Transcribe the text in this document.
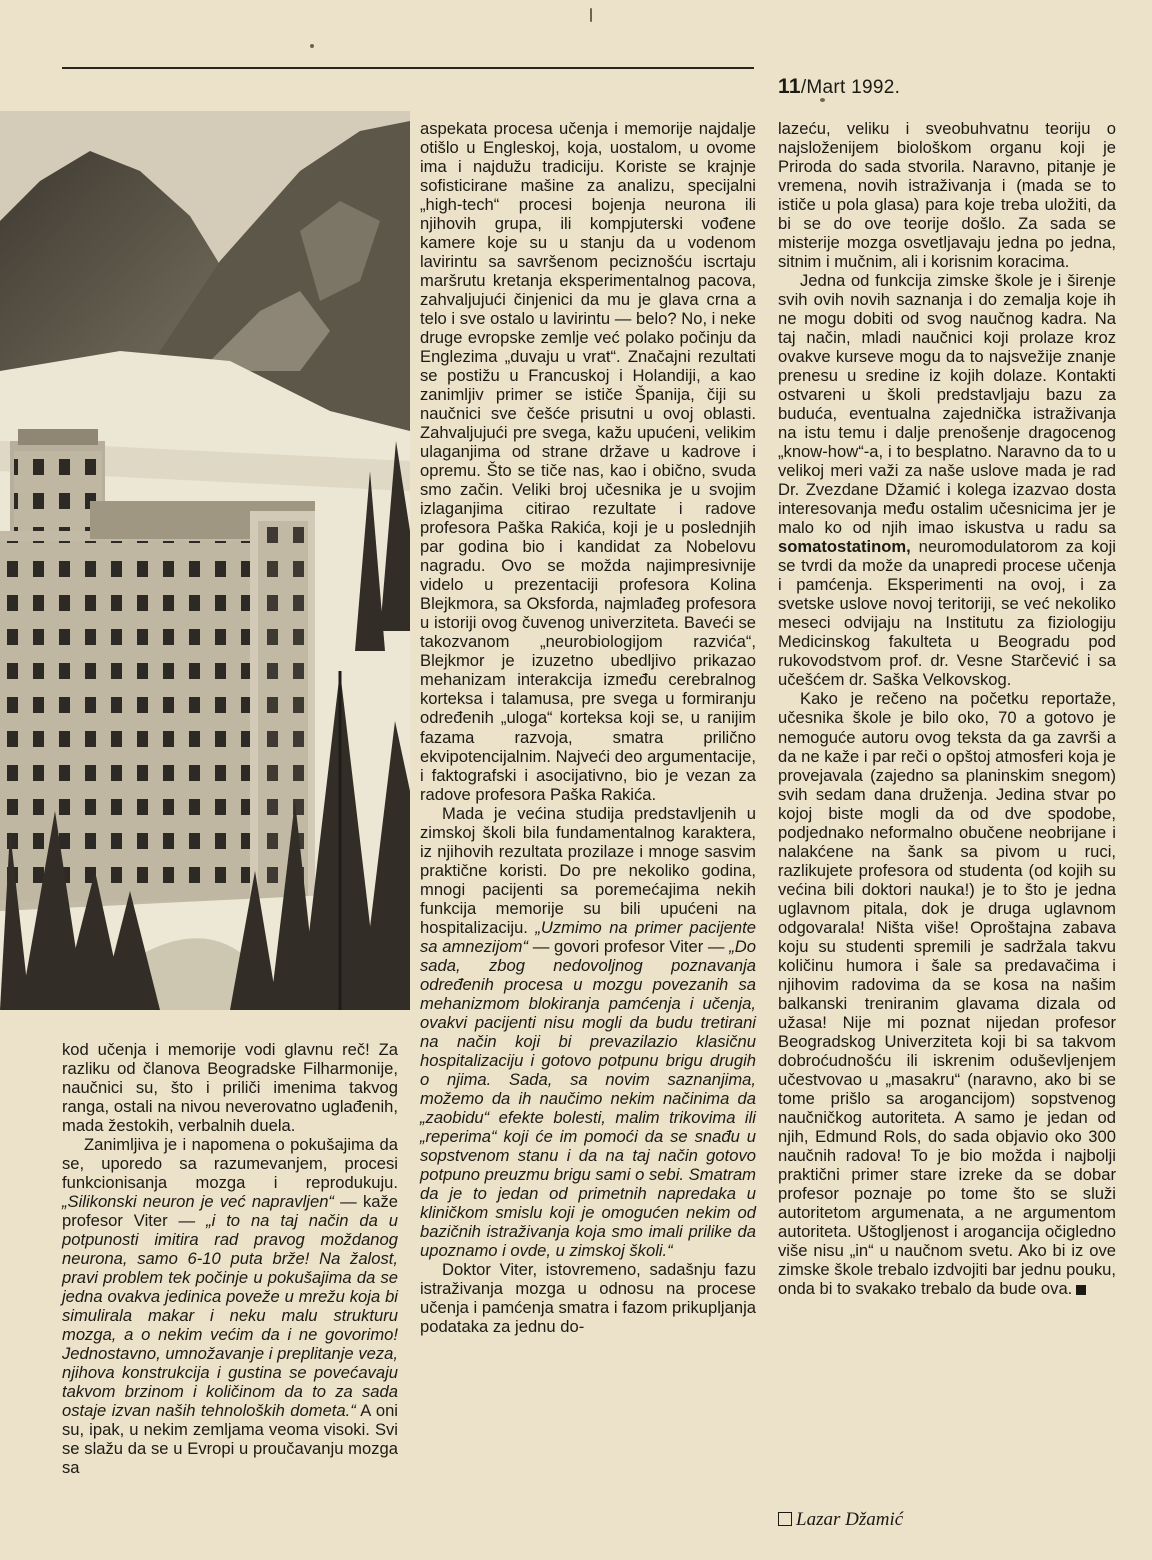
11/Mart 1992.

kod učenja i memorije vodi glavnu reč! Za razliku od članova Beogradske Filharmonije, naučnici su, što i priliči imenima takvog ranga, ostali na nivou neverovatno uglađenih, mada žestokih, verbalnih duela.

Zanimljiva je i napomena o pokušajima da se, uporedo sa razumevanjem, procesi funkcionisanja mozga i reprodukuju. „Silikonski neuron je već napravljen“ — kaže profesor Viter — „i to na taj način da u potpunosti imitira rad pravog moždanog neurona, samo 6-10 puta brže! Na žalost, pravi problem tek počinje u pokušajima da se jedna ovakva jedinica poveže u mrežu koja bi simulirala makar i neku malu strukturu mozga, a o nekim većim da i ne govorimo! Jednostavno, umnožavanje i preplitanje veza, njihova konstrukcija i gustina se povećavaju takvom brzinom i količinom da to za sada ostaje izvan naših tehnoloških dometa.“ A oni su, ipak, u nekim zemljama veoma visoki. Svi se slažu da se u Evropi u proučavanju mozga sa

aspekata procesa učenja i memorije najdalje otišlo u Engleskoj, koja, uostalom, u ovome ima i najdužu tradiciju. Koriste se krajnje sofisticirane mašine za analizu, specijalni „high-tech“ procesi bojenja neurona ili njihovih grupa, ili kompjuterski vođene kamere koje su u stanju da u vodenom lavirintu sa savršenom peciznošću iscrtaju maršrutu kretanja eksperimentalnog pacova, zahvaljujući činjenici da mu je glava crna a telo i sve ostalo u lavirintu — belo? No, i neke druge evropske zemlje već polako počinju da Englezima „duvaju u vrat“. Značajni rezultati se postižu u Francuskoj i Holandiji, a kao zanimljiv primer se ističe Španija, čiji su naučnici sve češće prisutni u ovoj oblasti. Zahvaljujući pre svega, kažu upućeni, velikim ulaganjima od strane države u kadrove i opremu. Što se tiče nas, kao i obično, svuda smo začin. Veliki broj učesnika je u svojim izlaganjima citirao rezultate i radove profesora Paška Rakića, koji je u poslednjih par godina bio i kandidat za Nobelovu nagradu. Ovo se možda najimpresivnije videlo u prezentaciji profesora Kolina Blejkmora, sa Oksforda, najmlađeg profesora u istoriji ovog čuvenog univerziteta. Baveći se takozvanom „neurobiologijom razvića“, Blejkmor je izuzetno ubedljivo prikazao mehanizam interakcija između cerebralnog korteksa i talamusa, pre svega u formiranju određenih „uloga“ korteksa koji se, u ranijim fazama razvoja, smatra prilično ekvipotencijalnim. Najveći deo argumentacije, i faktografski i asocijativno, bio je vezan za radove profesora Paška Rakića.

Mada je većina studija predstavljenih u zimskoj školi bila fundamentalnog karaktera, iz njihovih rezultata prozilaze i mnoge sasvim praktične koristi. Do pre nekoliko godina, mnogi pacijenti sa poremećajima nekih funkcija memorije su bili upućeni na hospitalizaciju. „Uzmimo na primer pacijente sa amnezijom“ — govori profesor Viter — „Do sada, zbog nedovoljnog poznavanja određenih procesa u mozgu povezanih sa mehanizmom blokiranja pamćenja i učenja, ovakvi pacijenti nisu mogli da budu tretirani na način koji bi prevazilazio klasičnu hospitalizaciju i gotovo potpunu brigu drugih o njima. Sada, sa novim saznanjima, možemo da ih naučimo nekim načinima da „zaobidu“ efekte bolesti, malim trikovima ili „reperima“ koji će im pomoći da se snađu u sopstvenom stanu i da na taj način gotovo potpuno preuzmu brigu sami o sebi. Smatram da je to jedan od primetnih napredaka u kliničkom smislu koji je omogućen nekim od bazičnih istraživanja koja smo imali prilike da upoznamo i ovde, u zimskoj školi.“

Doktor Viter, istovremeno, sadašnju fazu istraživanja mozga u odnosu na procese učenja i pamćenja smatra i fazom prikupljanja podataka za jednu do-

lazeću, veliku i sveobuhvatnu teoriju o najsloženijem biološkom organu koji je Priroda do sada stvorila. Naravno, pitanje je vremena, novih istraživanja i (mada se to ističe u pola glasa) para koje treba uložiti, da bi se do ove teorije došlo. Za sada se misterije mozga osvetljavaju jedna po jedna, sitnim i mučnim, ali i korisnim koracima.

Jedna od funkcija zimske škole je i širenje svih ovih novih saznanja i do zemalja koje ih ne mogu dobiti od svog naučnog kadra. Na taj način, mladi naučnici koji prolaze kroz ovakve kurseve mogu da to najsvežije znanje prenesu u sredine iz kojih dolaze. Kontakti ostvareni u školi predstavljaju bazu za buduća, eventualna zajednička istraživanja na istu temu i dalje prenošenje dragocenog „know-how“-a, i to besplatno. Naravno da to u velikoj meri važi za naše uslove mada je rad Dr. Zvezdane Džamić i kolega izazvao dosta interesovanja među ostalim učesnicima jer je malo ko od njih imao iskustva u radu sa somatostatinom, neuromodulatorom za koji se tvrdi da može da unapredi procese učenja i pamćenja. Eksperimenti na ovoj, i za svetske uslove novoj teritoriji, se već nekoliko meseci odvijaju na Institutu za fiziologiju Medicinskog fakulteta u Beogradu pod rukovodstvom prof. dr. Vesne Starčević i sa učešćem dr. Saška Velkovskog.

Kako je rečeno na početku reportaže, učesnika škole je bilo oko, 70 a gotovo je nemoguće autoru ovog teksta da ga završi a da ne kaže i par reči o opštoj atmosferi koja je provejavala (zajedno sa planinskim snegom) svih sedam dana druženja. Jedina stvar po kojoj biste mogli da od dve spodobe, podjednako neformalno obučene neobrijane i nalakćene na šank sa pivom u ruci, razlikujete profesora od studenta (od kojih su većina bili doktori nauka!) je to što je jedna uglavnom pitala, dok je druga uglavnom odgovarala! Ništa više! Oproštajna zabava koju su studenti spremili je sadržala takvu količinu humora i šale sa predavačima i njihovim radovima da se kosa na našim balkanski treniranim glavama dizala od užasa! Nije mi poznat nijedan profesor Beogradskog Univerziteta koji bi sa takvom dobroćudnošću ili iskrenim oduševljenjem učestvovao u „masakru“ (naravno, ako bi se tome prišlo sa arogancijom) sopstvenog naučničkog autoriteta. A samo je jedan od njih, Edmund Rols, do sada objavio oko 300 naučnih radova! To je bio možda i najbolji praktični primer stare izreke da se dobar profesor poznaje po tome što se služi autoritetom argumenata, a ne argumentom autoriteta. Uštogljenost i arogancija očigledno više nisu „in“ u naučnom svetu. Ako bi iz ove zimske škole trebalo izdvojiti bar jednu pouku, onda bi to svakako trebalo da bude ova.

Lazar Džamić
